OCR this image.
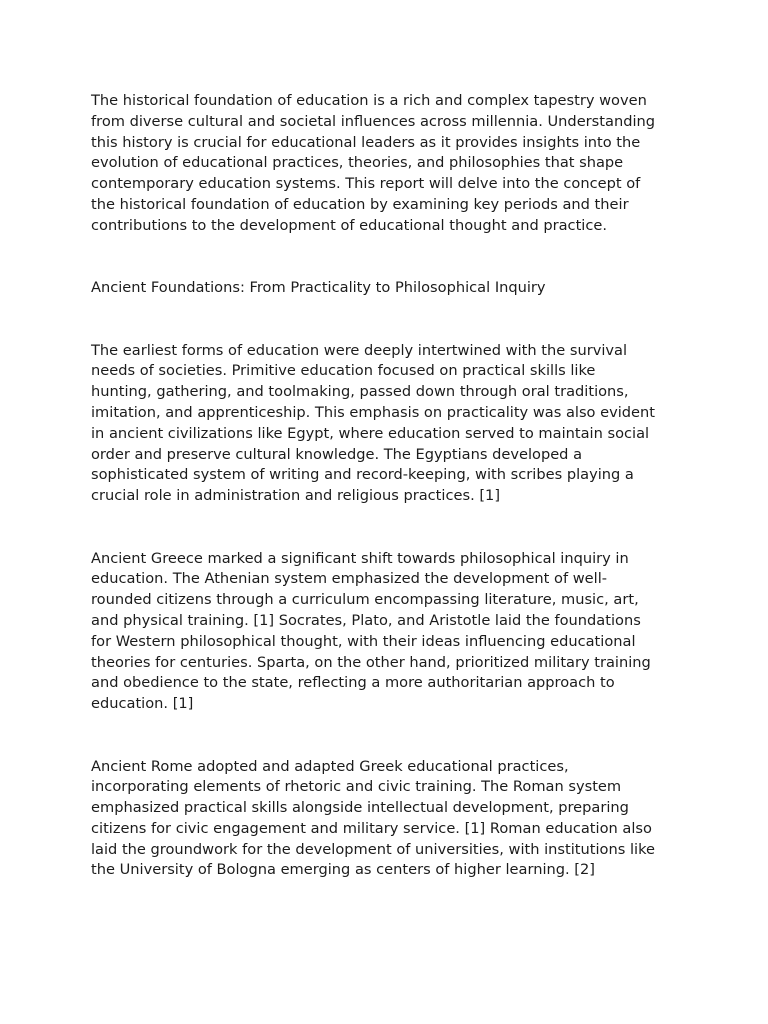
The historical foundation of education is a rich and complex tapestry woven
from diverse cultural and societal influences across millennia. Understanding
this history is crucial for educational leaders as it provides insights into the
evolution of educational practices, theories, and philosophies that shape
contemporary education systems. This report will delve into the concept of
the historical foundation of education by examining key periods and their
contributions to the development of educational thought and practice.

Ancient Foundations: From Practicality to Philosophical Inquiry

The earliest forms of education were deeply intertwined with the survival
needs of societies. Primitive education focused on practical skills like
hunting, gathering, and toolmaking, passed down through oral traditions,
imitation, and apprenticeship. This emphasis on practicality was also evident
in ancient civilizations like Egypt, where education served to maintain social
order and preserve cultural knowledge. The Egyptians developed a
sophisticated system of writing and record-keeping, with scribes playing a
crucial role in administration and religious practices. [1]

Ancient Greece marked a significant shift towards philosophical inquiry in
education. The Athenian system emphasized the development of well-
rounded citizens through a curriculum encompassing literature, music, art,
and physical training. [1] Socrates, Plato, and Aristotle laid the foundations
for Western philosophical thought, with their ideas influencing educational
theories for centuries. Sparta, on the other hand, prioritized military training
and obedience to the state, reflecting a more authoritarian approach to
education. [1]

Ancient Rome adopted and adapted Greek educational practices,
incorporating elements of rhetoric and civic training. The Roman system
emphasized practical skills alongside intellectual development, preparing
citizens for civic engagement and military service. [1] Roman education also
laid the groundwork for the development of universities, with institutions like
the University of Bologna emerging as centers of higher learning. [2]
